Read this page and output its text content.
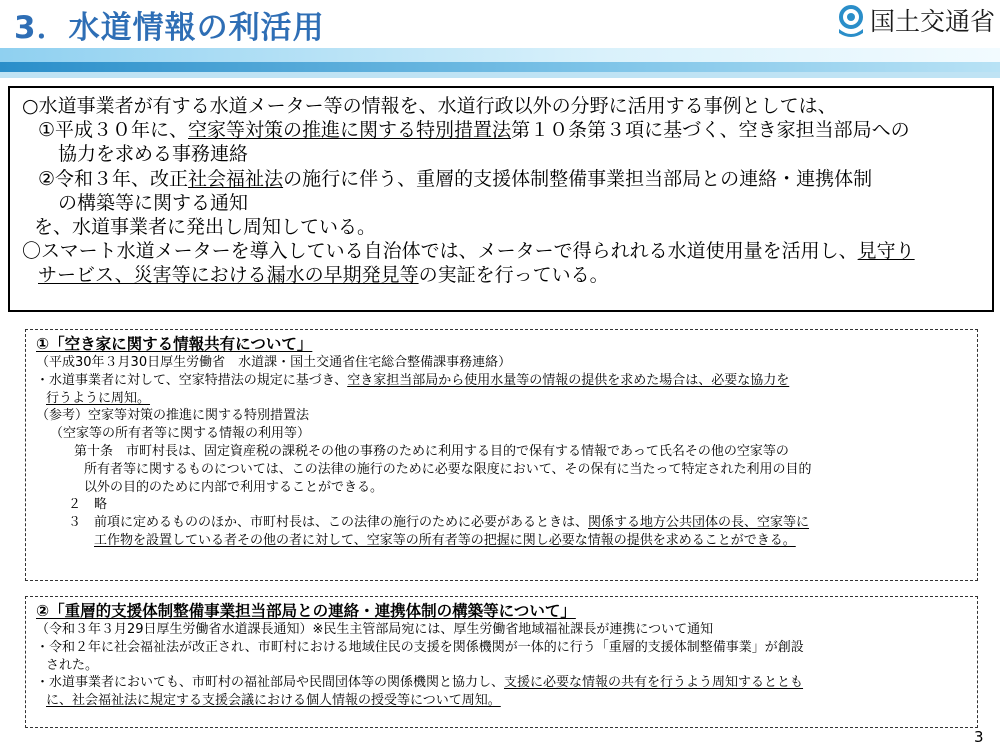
3．水道情報の利活用	国土交通省

○水道事業者が有する水道メーター等の情報を、水道行政以外の分野に活用する事例としては、

①平成３０年に、空家等対策の推進に関する特別措置法第１０条第３項に基づく、空き家担当部局への

協力を求める事務連絡

②令和３年、改正社会福祉法の施行に伴う、重層的支援体制整備事業担当部局との連絡・連携体制

の構築等に関する通知

を、水道事業者に発出し周知している。

〇スマート水道メーターを導入している自治体では、メーターで得られれる水道使用量を活用し、見守り

サービス、災害等における漏水の早期発見等の実証を行っている。

①「空き家に関する情報共有について」

（平成30年３月30日厚生労働省　水道課・国土交通省住宅総合整備課事務連絡）

・水道事業者に対して、空家特措法の規定に基づき、空き家担当部局から使用水量等の情報の提供を求めた場合は、必要な協力を

行うように周知。

（参考）空家等対策の推進に関する特別措置法

（空家等の所有者等に関する情報の利用等）

第十条　市町村長は、固定資産税の課税その他の事務のために利用する目的で保有する情報であって氏名その他の空家等の

所有者等に関するものについては、この法律の施行のために必要な限度において、その保有に当たって特定された利用の目的

以外の目的のために内部で利用することができる。

２　略

３　前項に定めるもののほか、市町村長は、この法律の施行のために必要があるときは、関係する地方公共団体の長、空家等に

工作物を設置している者その他の者に対して、空家等の所有者等の把握に関し必要な情報の提供を求めることができる。

②「重層的支援体制整備事業担当部局との連絡・連携体制の構築等について」

（令和３年３月29日厚生労働省水道課長通知）※民生主管部局宛には、厚生労働省地域福祉課長が連携について通知

・令和２年に社会福祉法が改正され、市町村における地域住民の支援を関係機関が一体的に行う「重層的支援体制整備事業」が創設

された。

・水道事業者においても、市町村の福祉部局や民間団体等の関係機関と協力し、支援に必要な情報の共有を行うよう周知するととも

に、社会福祉法に規定する支援会議における個人情報の授受等について周知。

3
